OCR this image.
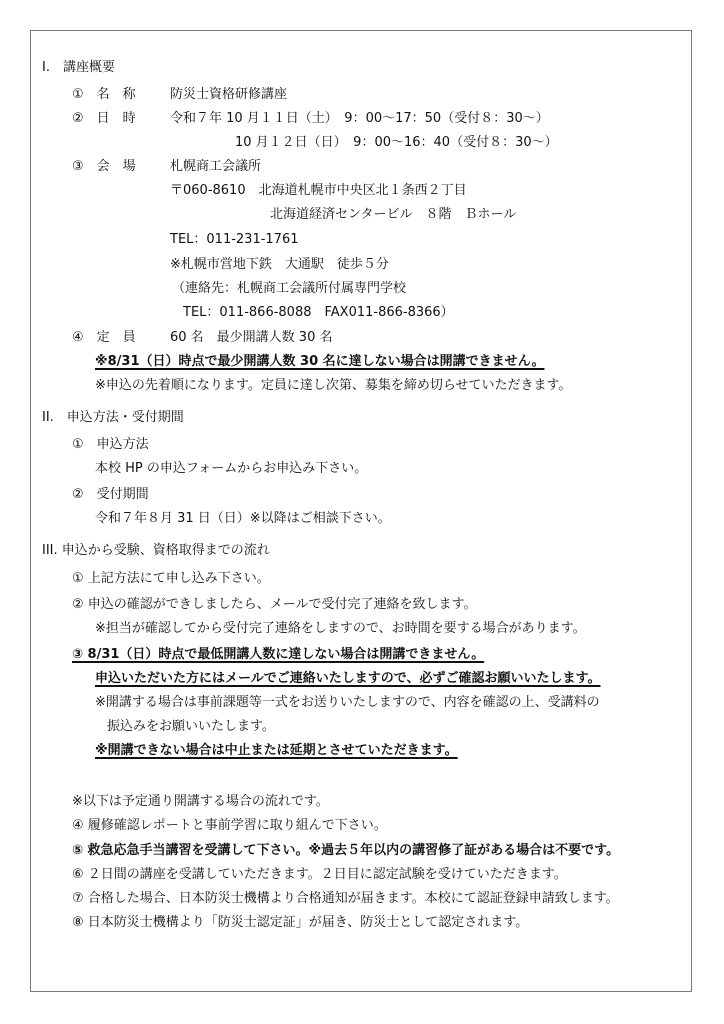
I.　講座概要
①　名　称	防災士資格研修講座
②　日　時	令和７年 10 月１１日（土）　9：00～17：50（受付８：30～）
10 月１２日（日）　9：00～16：40（受付８：30～）
③　会　場	札幌商工会議所
〒060-8610　北海道札幌市中央区北１条西２丁目
北海道経済センタービル　８階　Ｂホール
TEL：011-231-1761
※札幌市営地下鉄　大通駅　徒歩５分
（連絡先：札幌商工会議所付属専門学校
TEL：011-866-8088　FAX011-866-8366）
④　定　員	60 名　最少開講人数 30 名
※8/31（日）時点で最少開講人数 30 名に達しない場合は開講できません。
※申込の先着順になります。定員に達し次第、募集を締め切らせていただきます。
II.　申込方法・受付期間
①　申込方法
本校 HP の申込フォームからお申込み下さい。
②　受付期間
令和７年８月 31 日（日）※以降はご相談下さい。
III. 申込から受験、資格取得までの流れ
① 上記方法にて申し込み下さい。
② 申込の確認ができしましたら、メールで受付完了連絡を致します。
※担当が確認してから受付完了連絡をしますので、お時間を要する場合があります。
③ 8/31（日）時点で最低開講人数に達しない場合は開講できません。
申込いただいた方にはメールでご連絡いたしますので、必ずご確認お願いいたします。
※開講する場合は事前課題等一式をお送りいたしますので、内容を確認の上、受講料の
振込みをお願いいたします。
※開講できない場合は中止または延期とさせていただきます。
※以下は予定通り開講する場合の流れです。
④ 履修確認レポートと事前学習に取り組んで下さい。
⑤ 救急応急手当講習を受講して下さい。※過去５年以内の講習修了証がある場合は不要です。
⑥ ２日間の講座を受講していただきます。２日目に認定試験を受けていただきます。
⑦ 合格した場合、日本防災士機構より合格通知が届きます。本校にて認証登録申請致します。
⑧ 日本防災士機構より「防災士認定証」が届き、防災士として認定されます。
